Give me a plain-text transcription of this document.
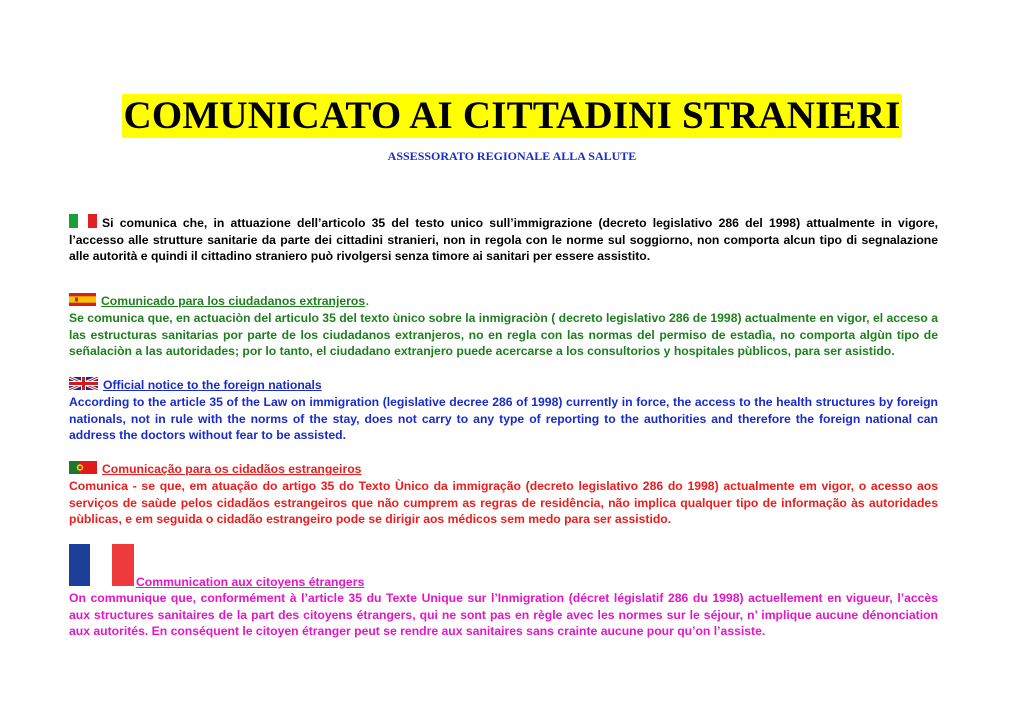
COMUNICATO AI CITTADINI STRANIERI
ASSESSORATO REGIONALE ALLA SALUTE
Si comunica che, in attuazione dell’articolo 35 del testo unico sull’immigrazione (decreto legislativo 286 del 1998) attualmente in vigore, l’accesso alle strutture sanitarie da parte dei cittadini stranieri, non in regola con le norme sul soggiorno, non comporta alcun tipo di segnalazione alle autorità e quindi il cittadino straniero può rivolgersi senza timore ai sanitari per essere assistito.
Comunicado para los ciudadanos extranjeros.
Se comunica que, en actuaciòn del articulo 35 del texto ùnico sobre la inmigraciòn ( decreto legislativo 286 de 1998) actualmente en vigor, el acceso a las estructuras sanitarias por parte de los ciudadanos extranjeros, no en regla con las normas del permiso de estadìa, no comporta algùn tipo de señalaciòn a las autoridades; por lo tanto, el ciudadano extranjero puede acercarse a los consultorios y hospitales pùblicos, para ser asistido.
Official notice to the foreign nationals
According to the article 35 of the Law on immigration (legislative decree 286 of 1998) currently in force, the access to the health structures by foreign nationals, not in rule with the norms of the stay, does not carry to any type of reporting to the authorities and therefore the foreign national can address the doctors without fear to be assisted.
Comunicação para os cidadãos estrangeiros
Comunica - se que, em atuação do artigo 35 do Texto Ùnico da immigração (decreto legislativo 286 do 1998) actualmente em vigor, o acesso aos serviços de saùde pelos cidadãos estrangeiros que não cumprem as regras de residência, não implica qualquer tipo de informação às autoridades pùblicas, e em seguida o cidadão estrangeiro pode se dirigir aos médicos sem medo para ser assistido.
Communication aux citoyens étrangers
On communique que, conformément à l’article 35 du Texte Unique sur l’Inmigration (décret législatif 286 du 1998) actuellement en vigueur, l’accès aux structures sanitaires de la part des citoyens étrangers, qui ne sont pas en règle avec les normes sur le séjour, n’ implique aucune dénonciation aux autorités. En conséquent le citoyen étranger peut se rendre aux sanitaires sans crainte aucune pour qu’on l’assiste.
